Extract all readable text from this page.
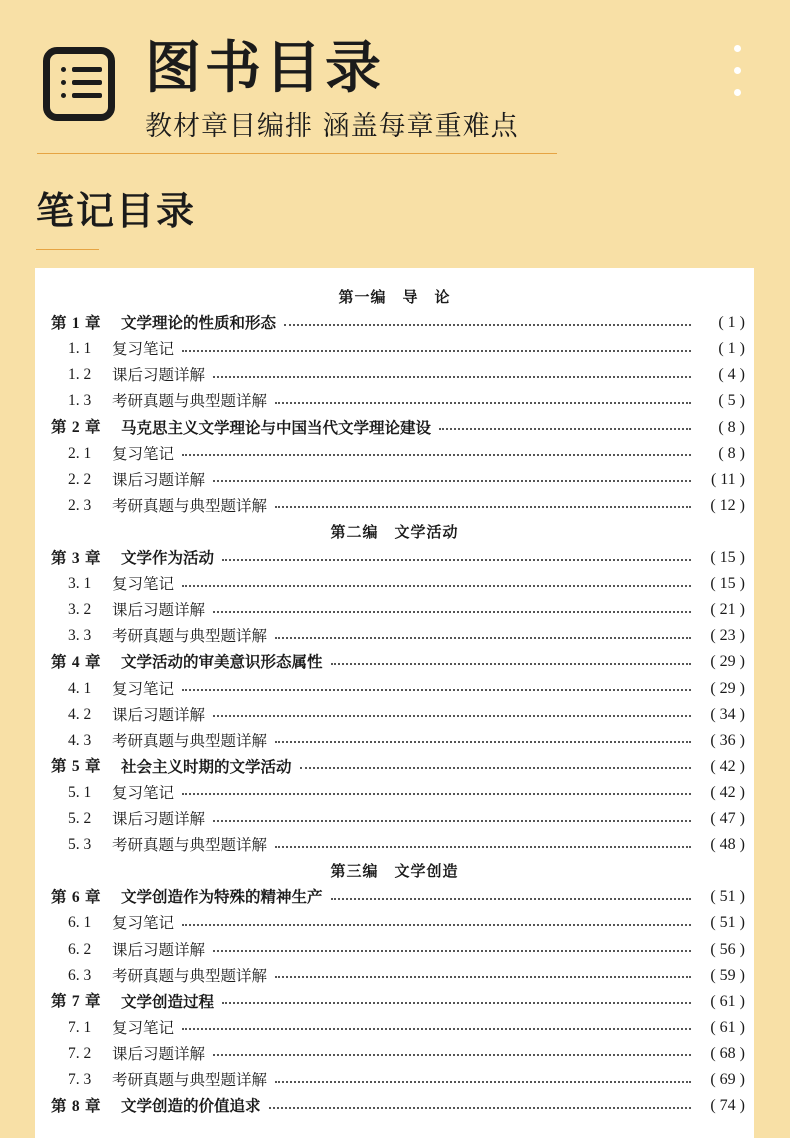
图书目录
教材章目编排 涵盖每章重难点
笔记目录
第一编　导　论
第 1 章	文学理论的性质和形态	( 1 )
1. 1	复习笔记	( 1 )
1. 2	课后习题详解	( 4 )
1. 3	考研真题与典型题详解	( 5 )
第 2 章	马克思主义文学理论与中国当代文学理论建设	( 8 )
2. 1	复习笔记	( 8 )
2. 2	课后习题详解	( 11 )
2. 3	考研真题与典型题详解	( 12 )
第二编　文学活动
第 3 章	文学作为活动	( 15 )
3. 1	复习笔记	( 15 )
3. 2	课后习题详解	( 21 )
3. 3	考研真题与典型题详解	( 23 )
第 4 章	文学活动的审美意识形态属性	( 29 )
4. 1	复习笔记	( 29 )
4. 2	课后习题详解	( 34 )
4. 3	考研真题与典型题详解	( 36 )
第 5 章	社会主义时期的文学活动	( 42 )
5. 1	复习笔记	( 42 )
5. 2	课后习题详解	( 47 )
5. 3	考研真题与典型题详解	( 48 )
第三编　文学创造
第 6 章	文学创造作为特殊的精神生产	( 51 )
6. 1	复习笔记	( 51 )
6. 2	课后习题详解	( 56 )
6. 3	考研真题与典型题详解	( 59 )
第 7 章	文学创造过程	( 61 )
7. 1	复习笔记	( 61 )
7. 2	课后习题详解	( 68 )
7. 3	考研真题与典型题详解	( 69 )
第 8 章	文学创造的价值追求	( 74 )
